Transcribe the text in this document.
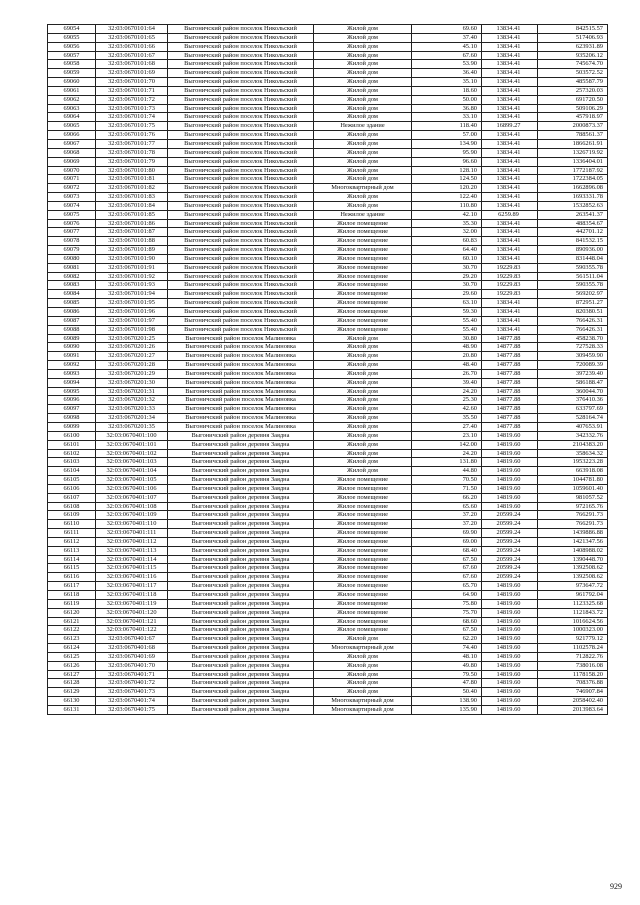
69054	32:03:0670101:64	Выгоничский район поселок Никольский	Жилой дом	69.60	13834.41	842515.57
69055	32:03:0670101:65	Выгоничский район поселок Никольский	Жилой дом	37.40	13834.41	517406.93
69056	32:03:0670101:66	Выгоничский район поселок Никольский	Жилой дом	45.10	13834.41	623931.89
69057	32:03:0670101:67	Выгоничский район поселок Никольский	Жилой дом	67.60	13834.41	935206.12
69058	32:03:0670101:68	Выгоничский район поселок Никольский	Жилой дом	53.90	13834.41	745674.70
69059	32:03:0670101:69	Выгоничский район поселок Никольский	Жилой дом	36.40	13834.41	503572.52
69060	32:03:0670101:70	Выгоничский район поселок Никольский	Жилой дом	35.10	13834.41	485587.79
69061	32:03:0670101:71	Выгоничский район поселок Никольский	Жилой дом	18.60	13834.41	257320.03
69062	32:03:0670101:72	Выгоничский район поселок Никольский	Жилой дом	50.00	13834.41	691720.50
69063	32:03:0670101:73	Выгоничский район поселок Никольский	Жилой дом	36.80	13834.41	509106.29
69064	32:03:0670101:74	Выгоничский район поселок Никольский	Жилой дом	33.10	13834.41	457918.97
69065	32:03:0670101:75	Выгоничский район поселок Никольский	Нежилое здание	118.40	16899.27	2000873.37
69066	32:03:0670101:76	Выгоничский район поселок Никольский	Жилой дом	57.00	13834.41	788561.37
69067	32:03:0670101:77	Выгоничский район поселок Никольский	Жилой дом	134.90	13834.41	1866261.91
69068	32:03:0670101:78	Выгоничский район поселок Никольский	Жилой дом	95.90	13834.41	1326719.92
69069	32:03:0670101:79	Выгоничский район поселок Никольский	Жилой дом	96.60	13834.41	1336404.01
69070	32:03:0670101:80	Выгоничский район поселок Никольский	Жилой дом	128.10	13834.41	1772187.92
69071	32:03:0670101:81	Выгоничский район поселок Никольский	Жилой дом	124.50	13834.41	1722384.05
69072	32:03:0670101:82	Выгоничский район поселок Никольский	Многоквартирный дом	120.20	13834.41	1662896.08
69073	32:03:0670101:83	Выгоничский район поселок Никольский	Жилой дом	122.40	13834.41	1693331.78
69074	32:03:0670101:84	Выгоничский район поселок Никольский	Жилой дом	110.80	13834.41	1532852.63
69075	32:03:0670101:85	Выгоничский район поселок Никольский	Нежилое здание	42.10	6259.89	263541.37
69076	32:03:0670101:86	Выгоничский район поселок Никольский	Жилое помещение	35.30	13834.41	488354.67
69077	32:03:0670101:87	Выгоничский район поселок Никольский	Жилое помещение	32.00	13834.41	442701.12
69078	32:03:0670101:88	Выгоничский район поселок Никольский	Жилое помещение	60.83	13834.41	841532.15
69079	32:03:0670101:89	Выгоничский район поселок Никольский	Жилое помещение	64.40	13834.41	890936.00
69080	32:03:0670101:90	Выгоничский район поселок Никольский	Жилое помещение	60.10	13834.41	831448.04
69081	32:03:0670101:91	Выгоничский район поселок Никольский	Жилое помещение	30.70	19229.83	590355.78
69082	32:03:0670101:92	Выгоничский район поселок Никольский	Жилое помещение	29.20	19229.83	561511.04
69083	32:03:0670101:93	Выгоничский район поселок Никольский	Жилое помещение	30.70	19229.83	590355.78
69084	32:03:0670101:94	Выгоничский район поселок Никольский	Жилое помещение	29.60	19229.83	569202.97
69085	32:03:0670101:95	Выгоничский район поселок Никольский	Жилое помещение	63.10	13834.41	872951.27
69086	32:03:0670101:96	Выгоничский район поселок Никольский	Жилое помещение	59.30	13834.41	820380.51
69087	32:03:0670101:97	Выгоничский район поселок Никольский	Жилое помещение	55.40	13834.41	766426.31
69088	32:03:0670101:98	Выгоничский район поселок Никольский	Жилое помещение	55.40	13834.41	766426.31
69089	32:03:0670201:25	Выгоничский район поселок Малиновка	Жилой дом	30.80	14877.88	458238.70
69090	32:03:0670201:26	Выгоничский район поселок Малиновка	Жилой дом	48.90	14877.88	727528.33
69091	32:03:0670201:27	Выгоничский район поселок Малиновка	Жилой дом	20.80	14877.88	309459.90
69092	32:03:0670201:28	Выгоничский район поселок Малиновка	Жилой дом	48.40	14877.88	720089.39
69093	32:03:0670201:29	Выгоничский район поселок Малиновка	Жилой дом	26.70	14877.88	397239.40
69094	32:03:0670201:30	Выгоничский район поселок Малиновка	Жилой дом	39.40	14877.88	586188.47
69095	32:03:0670201:31	Выгоничский район поселок Малиновка	Жилой дом	24.20	14877.88	360044.70
69096	32:03:0670201:32	Выгоничский район поселок Малиновка	Жилой дом	25.30	14877.88	376410.36
69097	32:03:0670201:33	Выгоничский район поселок Малиновка	Жилой дом	42.60	14877.88	633797.69
69098	32:03:0670201:34	Выгоничский район поселок Малиновка	Жилой дом	35.50	14877.88	528164.74
69099	32:03:0670201:35	Выгоничский район поселок Малиновка	Жилой дом	27.40	14877.88	407653.91
66100	32:03:0670401:100	Выгоничский район деревня Заядна	Жилой дом	23.10	14819.60	342332.76
66101	32:03:0670401:101	Выгоничский район деревня Заядна	Жилой дом	142.00	14819.60	2104383.20
66102	32:03:0670401:102	Выгоничский район деревня Заядна	Жилой дом	24.20	14819.60	358634.32
66103	32:03:0670401:103	Выгоничский район деревня Заядна	Жилой дом	131.80	14819.60	1953223.28
66104	32:03:0670401:104	Выгоничский район деревня Заядна	Жилой дом	44.80	14819.60	663918.08
66105	32:03:0670401:105	Выгоничский район деревня Заядна	Жилое помещение	70.50	14819.60	1044781.80
66106	32:03:0670401:106	Выгоничский район деревня Заядна	Жилое помещение	71.50	14819.60	1059601.40
66107	32:03:0670401:107	Выгоничский район деревня Заядна	Жилое помещение	66.20	14819.60	981057.52
66108	32:03:0670401:108	Выгоничский район деревня Заядна	Жилое помещение	65.60	14819.60	972165.76
66109	32:03:0670401:109	Выгоничский район деревня Заядна	Жилое помещение	37.20	20599.24	766291.73
66110	32:03:0670401:110	Выгоничский район деревня Заядна	Жилое помещение	37.20	20599.24	766291.73
66111	32:03:0670401:111	Выгоничский район деревня Заядна	Жилое помещение	69.90	20599.24	1439886.88
66112	32:03:0670401:112	Выгоничский район деревня Заядна	Жилое помещение	69.00	20599.24	1421347.56
66113	32:03:0670401:113	Выгоничский район деревня Заядна	Жилое помещение	68.40	20599.24	1408988.02
66114	32:03:0670401:114	Выгоничский район деревня Заядна	Жилое помещение	67.50	20599.24	1390448.70
66115	32:03:0670401:115	Выгоничский район деревня Заядна	Жилое помещение	67.60	20599.24	1392508.62
66116	32:03:0670401:116	Выгоничский район деревня Заядна	Жилое помещение	67.60	20599.24	1392508.62
66117	32:03:0670401:117	Выгоничский район деревня Заядна	Жилое помещение	65.70	14819.60	973647.72
66118	32:03:0670401:118	Выгоничский район деревня Заядна	Жилое помещение	64.90	14819.60	961792.04
66119	32:03:0670401:119	Выгоничский район деревня Заядна	Жилое помещение	75.80	14819.60	1123325.68
66120	32:03:0670401:120	Выгоничский район деревня Заядна	Жилое помещение	75.70	14819.60	1121843.72
66121	32:03:0670401:121	Выгоничский район деревня Заядна	Жилое помещение	68.60	14819.60	1016624.56
66122	32:03:0670401:122	Выгоничский район деревня Заядна	Жилое помещение	67.50	14819.60	1000323.00
66123	32:03:0670401:67	Выгоничский район деревня Заядна	Жилой дом	62.20	14819.60	921779.12
66124	32:03:0670401:68	Выгоничский район деревня Заядна	Многоквартирный дом	74.40	14819.60	1102578.24
66125	32:03:0670401:69	Выгоничский район деревня Заядна	Жилой дом	48.10	14819.60	712822.76
66126	32:03:0670401:70	Выгоничский район деревня Заядна	Жилой дом	49.80	14819.60	738016.08
66127	32:03:0670401:71	Выгоничский район деревня Заядна	Жилой дом	79.50	14819.60	1178158.20
66128	32:03:0670401:72	Выгоничский район деревня Заядна	Жилой дом	47.80	14819.60	708376.88
66129	32:03:0670401:73	Выгоничский район деревня Заядна	Жилой дом	50.40	14819.60	746907.84
66130	32:03:0670401:74	Выгоничский район деревня Заядна	Многоквартирный дом	138.90	14819.60	2058402.40
66131	32:03:0670401:75	Выгоничский район деревня Заядна	Многоквартирный дом	135.90	14819.60	2013983.64
929
